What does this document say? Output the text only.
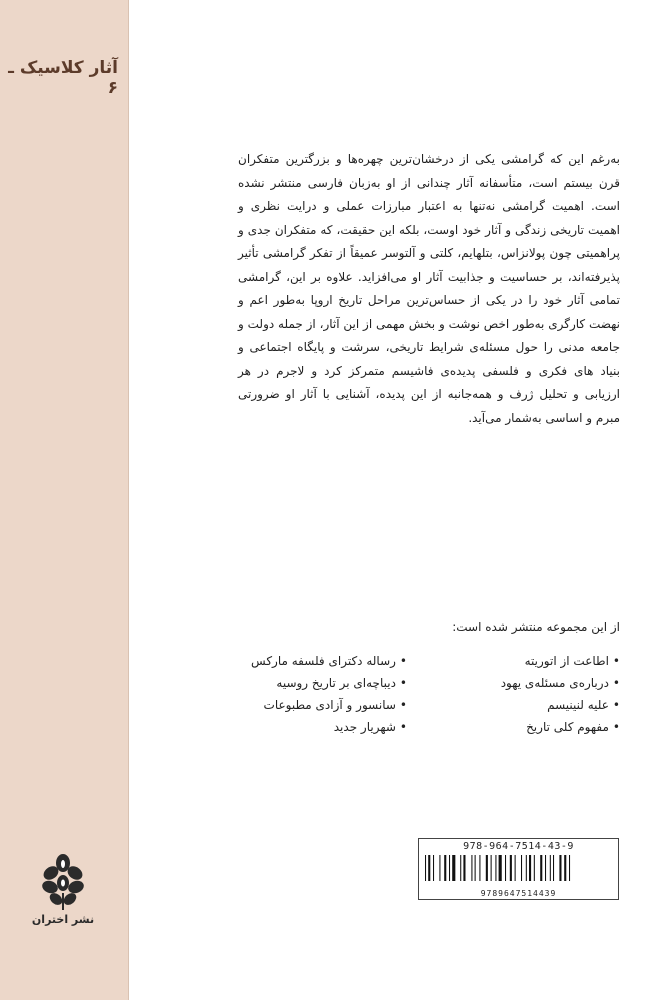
آثار کلاسیک ـ ۶
نشر اختران

به‌رغم این که گرامشی یکی از درخشان‌ترین چهره‌ها و بزرگترین متفکران قرن بیستم است، متأسفانه آثار چندانی از او به‌زبان فارسی منتشر نشده است. اهمیت گرامشی نه‌تنها به اعتبار مبارزات عملی و درایت نظری و اهمیت تاریخی زندگی و آثار خود اوست، بلکه این حقیقت، که متفکران جدی و پراهمیتی چون پولانزاس، بتلهایم، کلتی و آلتوسر عمیقاً از تفکر گرامشی تأثیر پذیرفته‌اند، بر حساسیت و جذابیت آثار او می‌افزاید. علاوه بر این، گرامشی تمامی آثار خود را در یکی از حساس‌ترین مراحل تاریخ اروپا به‌طور اعم و نهضت کارگری به‌طور اخص نوشت و بخش مهمی از این آثار، از جمله دولت و جامعه مدنی را حول مسئله‌ی شرایط تاریخی، سرشت و پایگاه اجتماعی و بنیاد های فکری و فلسفی پدیده‌ی فاشیسم متمرکز کرد و لاجرم در هر ارزیابی و تحلیل ژرف و همه‌جانبه از این پدیده، آشنایی با آثار او ضرورتی مبرم و اساسی به‌شمار می‌آید.

از این مجموعه منتشر شده است:
•اطاعت از اتوریته
•رساله دکترای فلسفه مارکس
•درباره‌ی مسئله‌ی یهود
•دیباچه‌ای بر تاریخ روسیه
•علیه لنینیسم
•سانسور و آزادی مطبوعات
•مفهوم کلی تاریخ
•شهریار جدید
978-964-7514-43-9
9789647514439
